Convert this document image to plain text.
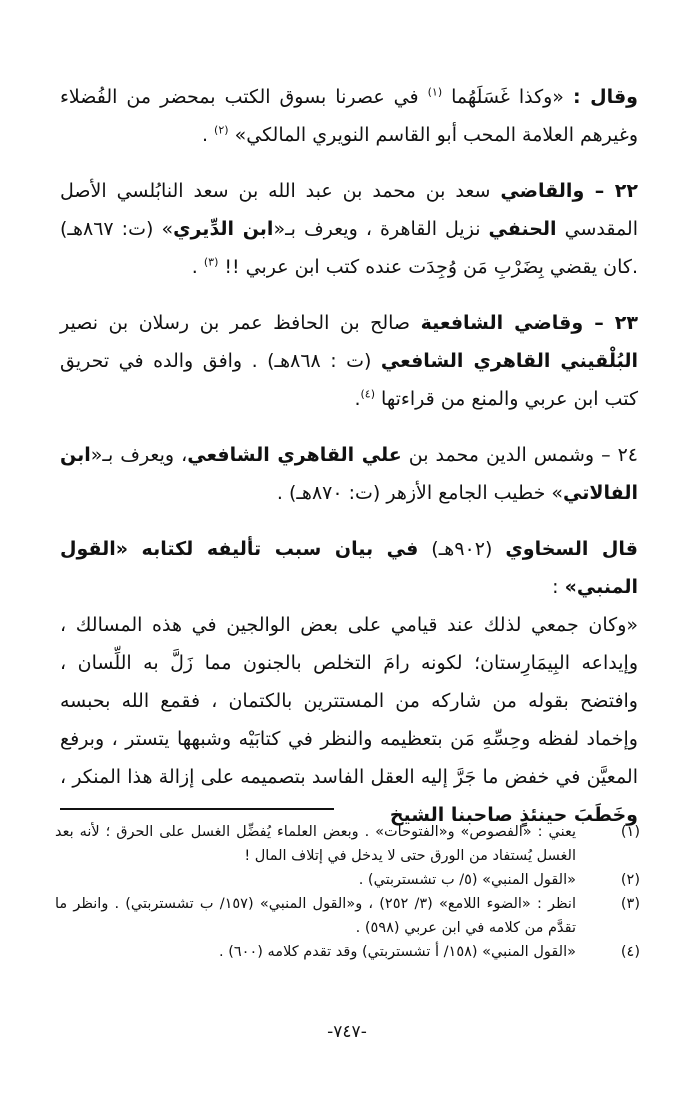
وقال : «وكذا غَسَلَهُما $^{(١)}$ في عصرنا بسوق الكتب بمحضر من الفُضلاء وغيرهم العلامة المحب أبو القاسم النويري المالكي» $^{(٢)}$ .

٢٢ – والقاضي سعد بن محمد بن عبد الله بن سعد النابُلسي الأصل المقدسي الحنفي نزيل القاهرة ، ويعرف بـ«ابن الدِّيري» (ت: ٨٦٧هـ) .كان يقضي بِضَرْبِ مَن وُجِدَت عنده كتب ابن عربي !! $^{(٣)}$ .

٢٣ – وقاضي الشافعية صالح بن الحافظ عمر بن رسلان بن نصير البُلْقيني القاهري الشافعي (ت : ٨٦٨هـ) . وافق والده في تحريق كتب ابن عربي والمنع من قراءتها $^{(٤)}$.

٢٤ – وشمس الدين محمد بن علي القاهري الشافعي، ويعرف بـ«ابن الفالاتي» خطيب الجامع الأزهر (ت: ٨٧٠هـ) .

قال السخاوي (٩٠٢هـ) في بيان سبب تأليفه لكتابه «القول المنبي» :

«وكان جمعي لذلك عند قيامي على بعض الوالجين في هذه المسالك ، وإيداعه البِيمَارِستان؛ لكونه رامَ التخلص بالجنون مما زَلَّ به اللِّسان ، وافتضح بقوله من شاركه من المستترين بالكتمان ، فقمع الله بحبسه وإخماد لفظه وحِسِّهِ مَن بتعظيمه والنظر في كتابَيْه وشبهها يتستر ، وبرفع المعيَّن في خفض ما جَرَّ إليه العقل الفاسد بتصميمه على إزالة هذا المنكر ، وخَطَبَ حينئذٍ صاحبنا الشيخ

(١)
يعني : «الفصوص» و«الفتوحات» . وبعض العلماء يُفضِّل الغسل على الحرق ؛ لأنه بعد الغسل يُستفاد من الورق حتى لا يدخل في إتلاف المال !
(٢)
«القول المنبي» (٥/ ب تشستربتي) .
(٣)
انظر : «الضوء اللامع» (٣/ ٢٥٢) ، و«القول المنبي» (١٥٧/ ب تشستربتي) . وانظر ما تقدَّم من كلامه في ابن عربي (٥٩٨) .
(٤)
«القول المنبي» (١٥٨/ أ تشستربتي) وقد تقدم كلامه (٦٠٠) .
-٧٤٧-
